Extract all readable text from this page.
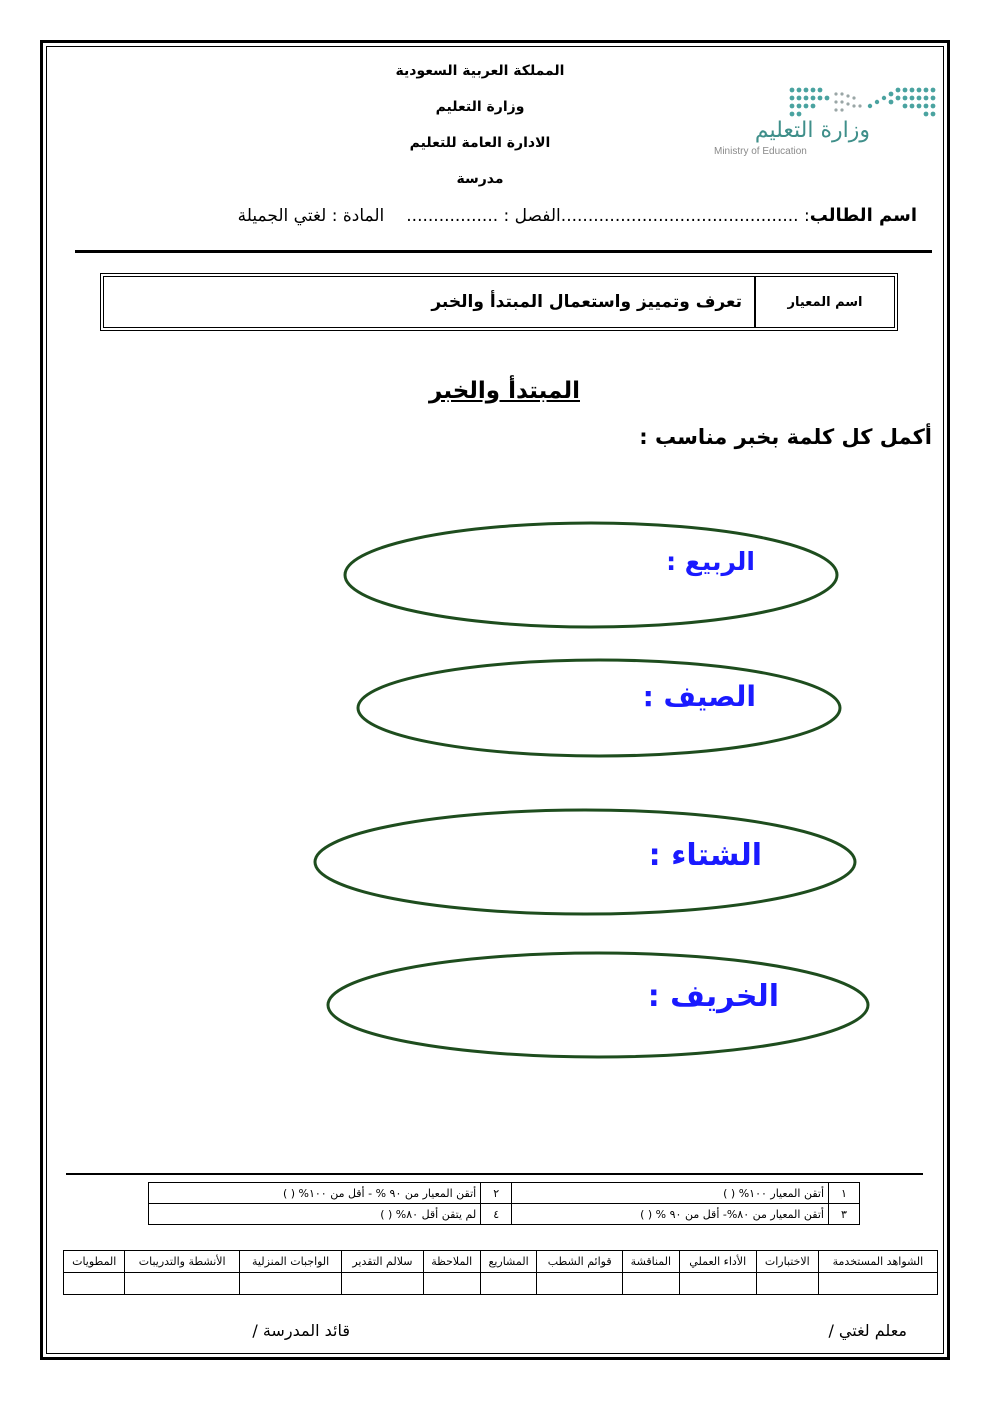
المملكة العربية السعودية
وزارة التعليم
الادارة العامة للتعليم
مدرسة
وزارة التعليم
Ministry of Education
اسم الطالب: ............................................الفصل : .................المادة : لغتي الجميلة
اسم المعيار
تعرف وتمييز واستعمال المبتدأ والخبر
المبتدأ والخبر
أكمل كل كلمة بخبر مناسب :
الربيع :
الصيف :
الشتاء :
الخريف :
١	أتقن المعيار ١٠٠% ( )	٢	أتقن المعيار من ٩٠ % - أقل من ١٠٠% ( )
٣	أتقن المعيار من ٨٠%- أقل من ٩٠ % ( )	٤	لم يتقن أقل ٨٠% ( )
الشواهد المستخدمة	الاختبارات	الأداء العملي	المناقشة	قوائم الشطب	المشاريع	الملاحظة	سلالم التقدير	الواجبات المنزلية	الأنشطة والتدريبات	المطويات

معلم لغتي /
قائد المدرسة /
